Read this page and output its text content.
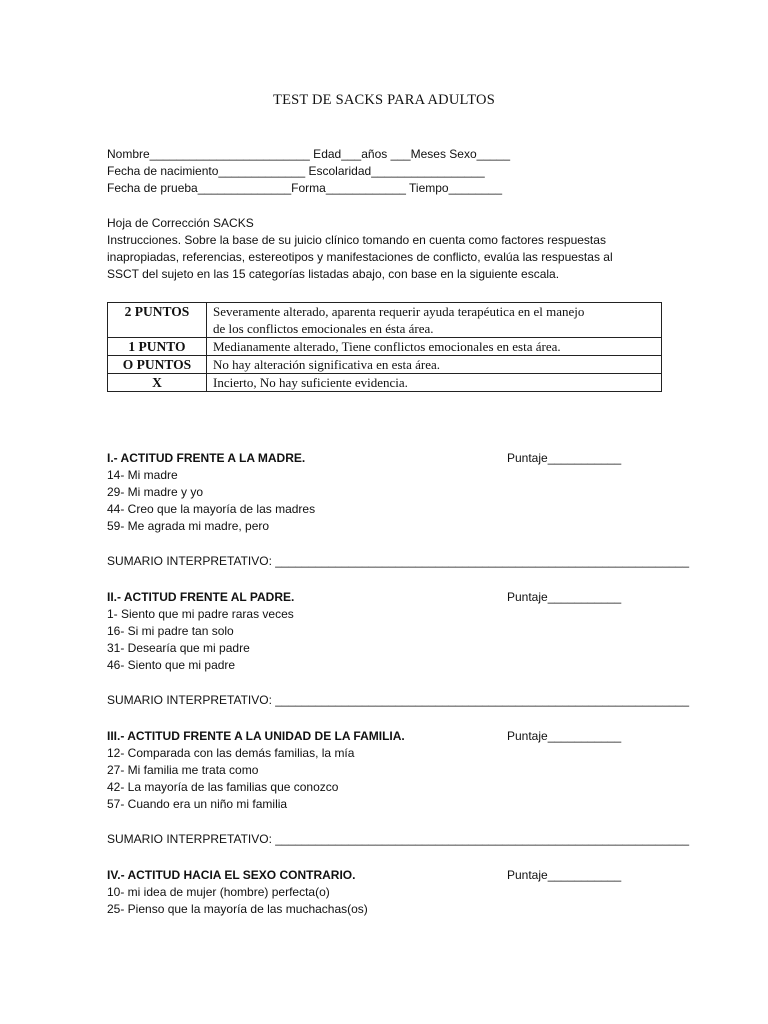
TEST DE SACKS PARA ADULTOS
Nombre________________________ Edad___años ___Meses Sexo_____
Fecha de nacimiento_____________ Escolaridad_________________
Fecha de prueba______________Forma____________ Tiempo________
Hoja de Corrección SACKS
Instrucciones. Sobre la base de su juicio clínico tomando en cuenta como factores respuestas
inapropiadas, referencias, estereotipos y manifestaciones de conflicto, evalúa las respuestas al
SSCT del sujeto en las 15 categorías listadas abajo, con base en la siguiente escala.
2 PUNTOS	Severamente alterado, aparenta requerir ayuda terapéutica en el manejo
de los conflictos emocionales en ésta área.

1 PUNTO	Medianamente alterado, Tiene conflictos emocionales en esta área.

O PUNTOS	No hay alteración significativa en esta área.

X	Incierto, No hay suficiente evidencia.
I.- ACTITUD FRENTE A LA MADRE.	Puntaje___________
14- Mi madre
29- Mi madre y yo
44- Creo que la mayoría de las madres
59- Me agrada mi madre, pero
SUMARIO INTERPRETATIVO: ______________________________________________________________
II.- ACTITUD FRENTE AL PADRE.	Puntaje___________
1- Siento que mi padre raras veces
16- Si mi padre tan solo
31- Desearía que mi padre
46- Siento que mi padre
SUMARIO INTERPRETATIVO: ______________________________________________________________
III.- ACTITUD FRENTE A LA UNIDAD DE LA FAMILIA.	Puntaje___________
12- Comparada con las demás familias, la mía
27- Mi familia me trata como
42- La mayoría de las familias que conozco
57- Cuando era un niño mi familia
SUMARIO INTERPRETATIVO: ______________________________________________________________
IV.- ACTITUD HACIA EL SEXO CONTRARIO.	Puntaje___________
10- mi idea de mujer (hombre) perfecta(o)
25- Pienso que la mayoría de las muchachas(os)
